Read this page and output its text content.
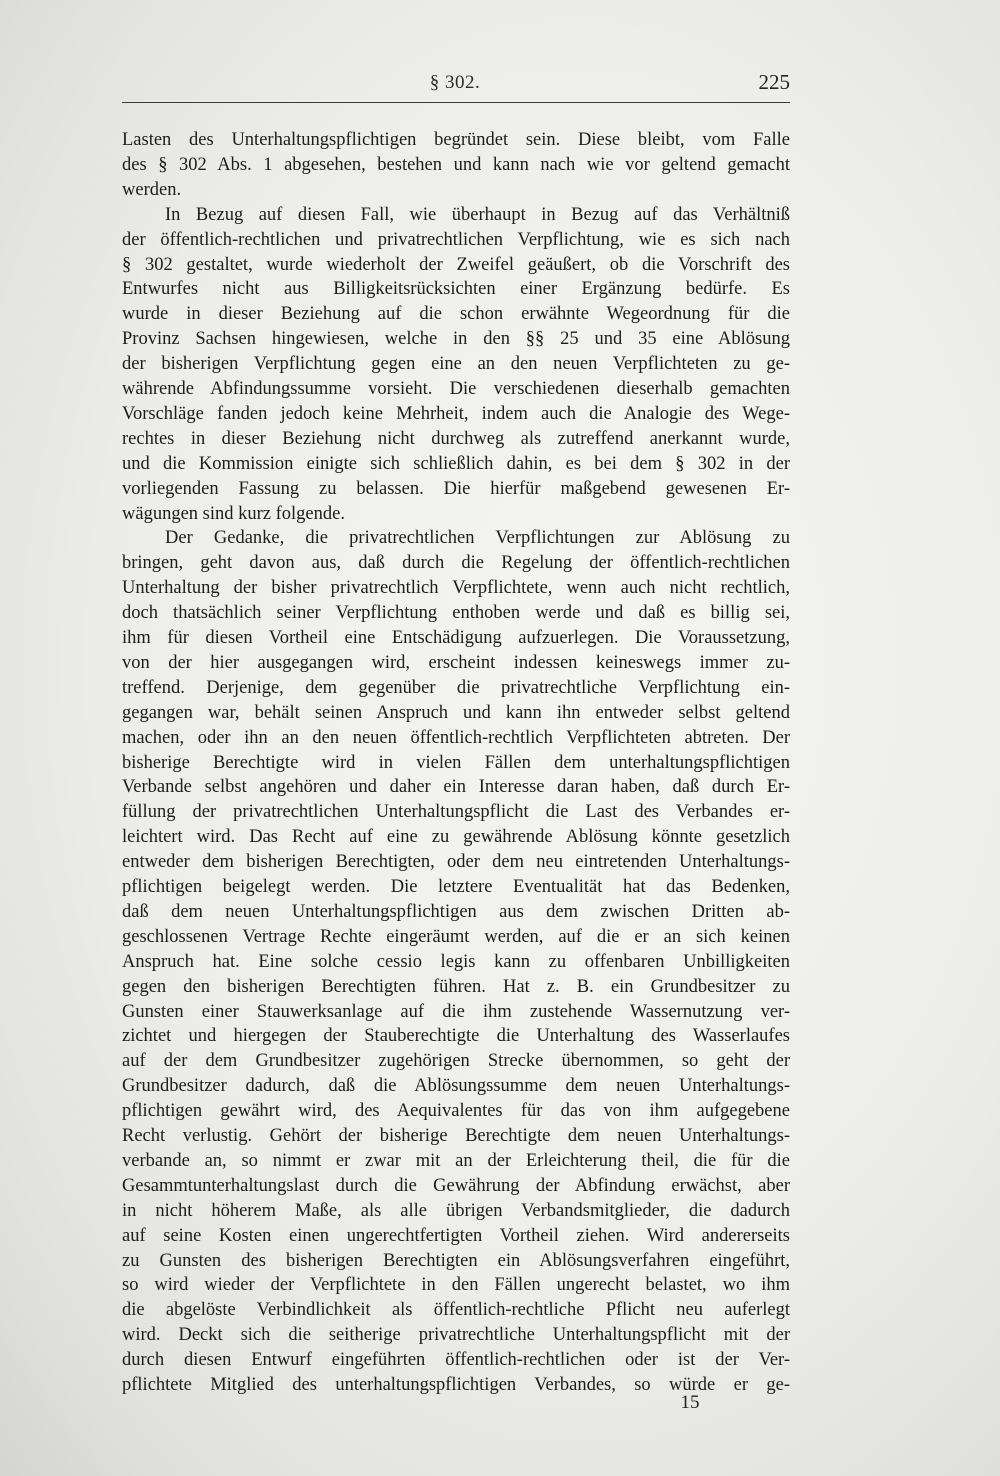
§ 302.	225
Lasten des Unterhaltungspflichtigen begründet sein. Diese bleibt, vom Falle
des § 302 Abs. 1 abgesehen, bestehen und kann nach wie vor geltend gemacht
werden.
In Bezug auf diesen Fall, wie überhaupt in Bezug auf das Verhältniß
der öffentlich-rechtlichen und privatrechtlichen Verpflichtung, wie es sich nach
§ 302 gestaltet, wurde wiederholt der Zweifel geäußert, ob die Vorschrift des
Entwurfes nicht aus Billigkeitsrücksichten einer Ergänzung bedürfe. Es
wurde in dieser Beziehung auf die schon erwähnte Wegeordnung für die
Provinz Sachsen hingewiesen, welche in den §§ 25 und 35 eine Ablösung
der bisherigen Verpflichtung gegen eine an den neuen Verpflichteten zu ge-
währende Abfindungssumme vorsieht. Die verschiedenen dieserhalb gemachten
Vorschläge fanden jedoch keine Mehrheit, indem auch die Analogie des Wege-
rechtes in dieser Beziehung nicht durchweg als zutreffend anerkannt wurde,
und die Kommission einigte sich schließlich dahin, es bei dem § 302 in der
vorliegenden Fassung zu belassen. Die hierfür maßgebend gewesenen Er-
wägungen sind kurz folgende.
Der Gedanke, die privatrechtlichen Verpflichtungen zur Ablösung zu
bringen, geht davon aus, daß durch die Regelung der öffentlich-rechtlichen
Unterhaltung der bisher privatrechtlich Verpflichtete, wenn auch nicht rechtlich,
doch thatsächlich seiner Verpflichtung enthoben werde und daß es billig sei,
ihm für diesen Vortheil eine Entschädigung aufzuerlegen. Die Voraussetzung,
von der hier ausgegangen wird, erscheint indessen keineswegs immer zu-
treffend. Derjenige, dem gegenüber die privatrechtliche Verpflichtung ein-
gegangen war, behält seinen Anspruch und kann ihn entweder selbst geltend
machen, oder ihn an den neuen öffentlich-rechtlich Verpflichteten abtreten. Der
bisherige Berechtigte wird in vielen Fällen dem unterhaltungspflichtigen
Verbande selbst angehören und daher ein Interesse daran haben, daß durch Er-
füllung der privatrechtlichen Unterhaltungspflicht die Last des Verbandes er-
leichtert wird. Das Recht auf eine zu gewährende Ablösung könnte gesetzlich
entweder dem bisherigen Berechtigten, oder dem neu eintretenden Unterhaltungs-
pflichtigen beigelegt werden. Die letztere Eventualität hat das Bedenken,
daß dem neuen Unterhaltungspflichtigen aus dem zwischen Dritten ab-
geschlossenen Vertrage Rechte eingeräumt werden, auf die er an sich keinen
Anspruch hat. Eine solche cessio legis kann zu offenbaren Unbilligkeiten
gegen den bisherigen Berechtigten führen. Hat z. B. ein Grundbesitzer zu
Gunsten einer Stauwerksanlage auf die ihm zustehende Wassernutzung ver-
zichtet und hiergegen der Stauberechtigte die Unterhaltung des Wasserlaufes
auf der dem Grundbesitzer zugehörigen Strecke übernommen, so geht der
Grundbesitzer dadurch, daß die Ablösungssumme dem neuen Unterhaltungs-
pflichtigen gewährt wird, des Aequivalentes für das von ihm aufgegebene
Recht verlustig. Gehört der bisherige Berechtigte dem neuen Unterhaltungs-
verbande an, so nimmt er zwar mit an der Erleichterung theil, die für die
Gesammtunterhaltungslast durch die Gewährung der Abfindung erwächst, aber
in nicht höherem Maße, als alle übrigen Verbandsmitglieder, die dadurch
auf seine Kosten einen ungerechtfertigten Vortheil ziehen. Wird andererseits
zu Gunsten des bisherigen Berechtigten ein Ablösungsverfahren eingeführt,
so wird wieder der Verpflichtete in den Fällen ungerecht belastet, wo ihm
die abgelöste Verbindlichkeit als öffentlich-rechtliche Pflicht neu auferlegt
wird. Deckt sich die seitherige privatrechtliche Unterhaltungspflicht mit der
durch diesen Entwurf eingeführten öffentlich-rechtlichen oder ist der Ver-
pflichtete Mitglied des unterhaltungspflichtigen Verbandes, so würde er ge-
15
